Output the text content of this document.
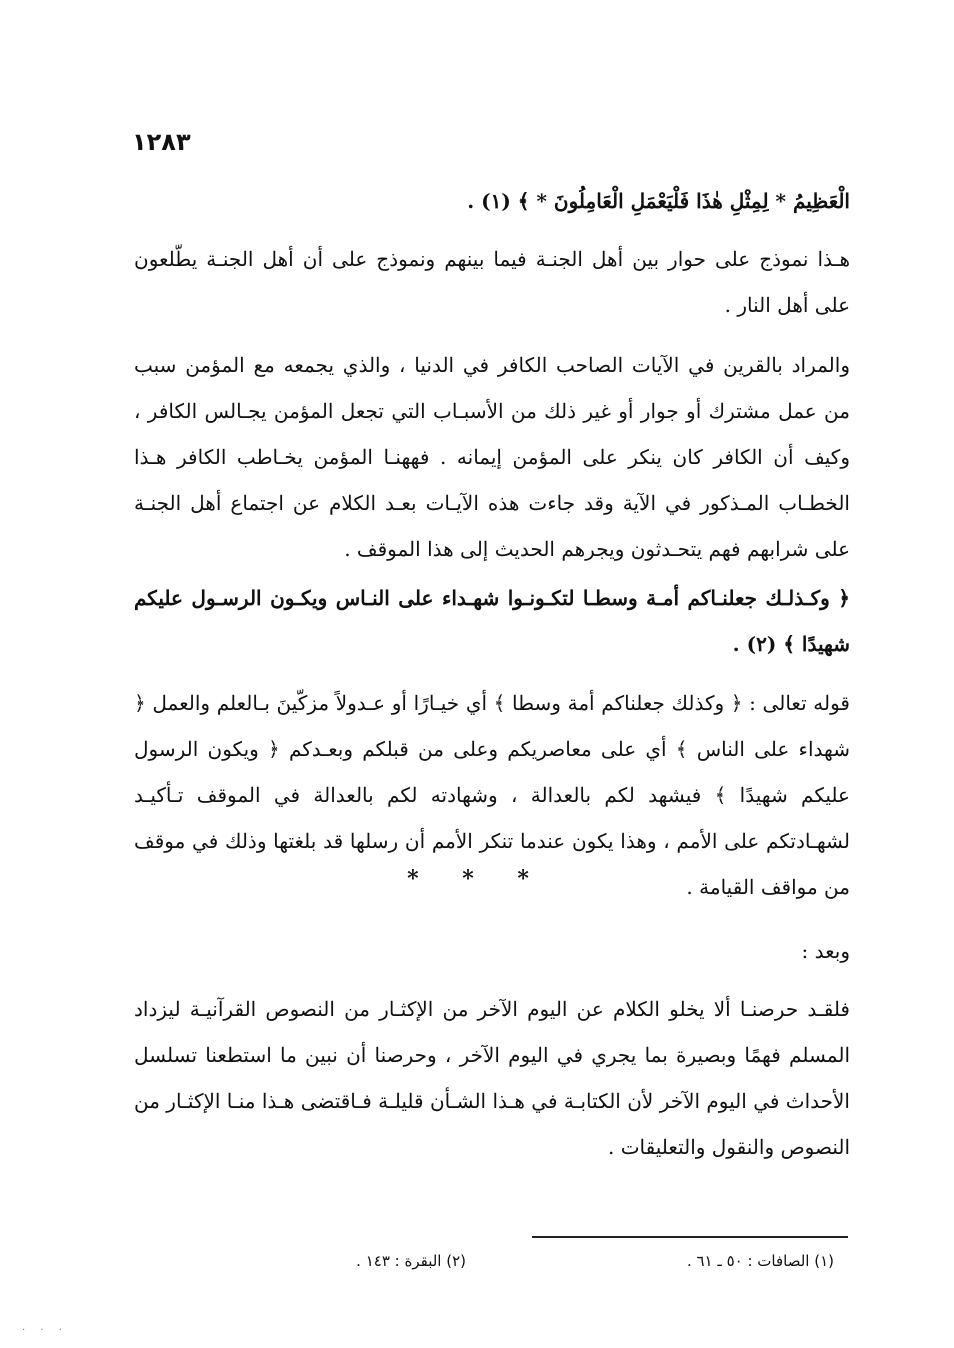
١٢٨٣
الْعَظِيمُ * لِمِثْلِ هٰذَا فَلْيَعْمَلِ الْعَامِلُونَ * ﴾ (١) .
هـذا نموذج على حوار بين أهل الجنـة فيما بينهم ونموذج على أن أهل الجنـة يطّلعون على أهل النار .
والمراد بالقرين في الآيات الصاحب الكافر في الدنيا ، والذي يجمعه مع المؤمن سبب من عمل مشترك أو جوار أو غير ذلك من الأسبـاب التي تجعل المؤمن يجـالس الكافر ، وكيف أن الكافر كان ينكر على المؤمن إيمانه . فههنـا المؤمن يخـاطب الكافر هـذا الخطـاب المـذكور في الآية وقد جاءت هذه الآيـات بعـد الكلام عن اجتماع أهل الجنـة على شرابهم فهم يتحـدثون ويجرهم الحديث إلى هذا الموقف .
﴿ وكـذلـك جعلنـاكم أمـة وسطـا لتكـونـوا شهـداء على النـاس ويكـون الرسـول عليكم شهيدًا ﴾ (٢) .
قوله تعالى : ﴿ وكذلك جعلناكم أمة وسطا ﴾ أي خيـارًا أو عـدولاً مزكّينَ بـالعلم والعمل ﴿ شهداء على الناس ﴾ أي على معاصريكم وعلى من قبلكم وبعـدكم ﴿ ويكون الرسول عليكم شهيدًا ﴾ فيشهد لكم بالعدالة ، وشهادته لكم بالعدالة في الموقف تـأكيـد لشهـادتكم على الأمم ، وهذا يكون عندما تنكر الأمم أن رسلها قد بلغتها وذلك في موقف من مواقف القيامة .
* * *
وبعد :
فلقـد حرصنـا ألا يخلو الكلام عن اليوم الآخر من الإكثـار من النصوص القرآنيـة ليزداد المسلم فهمًا وبصيرة بما يجري في اليوم الآخر ، وحرصنا أن نبين ما استطعنا تسلسل الأحداث في اليوم الآخر لأن الكتابـة في هـذا الشـأن قليلـة فـاقتضى هـذا منـا الإكثـار من النصوص والنقول والتعليقات .
(١) الصافات : ٥٠ ـ ٦١ .
(٢) البقرة : ١٤٣ .
. . .
